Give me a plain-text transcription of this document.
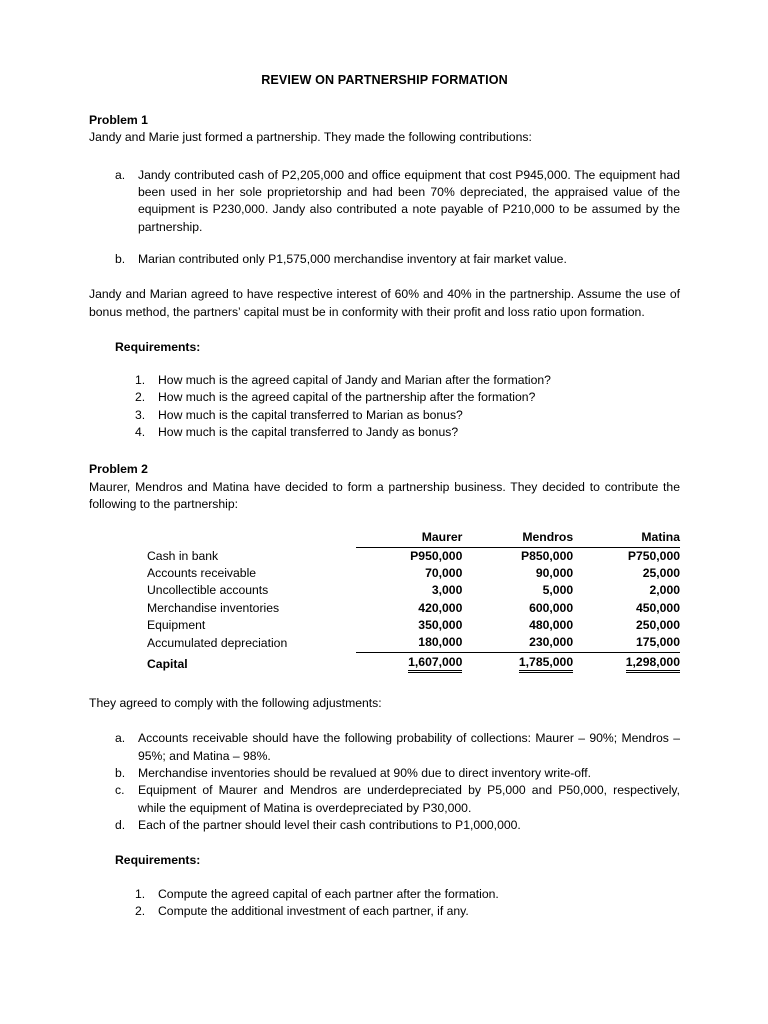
REVIEW ON PARTNERSHIP FORMATION
Problem 1

Jandy and Marie just formed a partnership. They made the following contributions:

a.	Jandy contributed cash of P2,205,000 and office equipment that cost P945,000. The equipment had been used in her sole proprietorship and had been 70% depreciated, the appraised value of the equipment is P230,000. Jandy also contributed a note payable of P210,000 to be assumed by the partnership.
b.	Marian contributed only P1,575,000 merchandise inventory at fair market value.

Jandy and Marian agreed to have respective interest of 60% and 40% in the partnership. Assume the use of bonus method, the partners’ capital must be in conformity with their profit and loss ratio upon formation.

Requirements:
1.	How much is the agreed capital of Jandy and Marian after the formation?
2.	How much is the agreed capital of the partnership after the formation?
3.	How much is the capital transferred to Marian as bonus?
4.	How much is the capital transferred to Jandy as bonus?
Problem 2

Maurer, Mendros and Matina have decided to form a partnership business. They decided to contribute the following to the partnership:

	Maurer	Mendros	Matina
Cash in bank	P950,000	P850,000	P750,000
Accounts receivable	70,000	90,000	25,000
Uncollectible accounts	3,000	5,000	2,000
Merchandise inventories	420,000	600,000	450,000
Equipment	350,000	480,000	250,000
Accumulated depreciation	180,000	230,000	175,000
Capital	1,607,000	1,785,000	1,298,000

They agreed to comply with the following adjustments:

a.	Accounts receivable should have the following probability of collections: Maurer – 90%; Mendros – 95%; and Matina – 98%.
b.	Merchandise inventories should be revalued at 90% due to direct inventory write-off.
c.	Equipment of Maurer and Mendros are underdepreciated by P5,000 and P50,000, respectively, while the equipment of Matina is overdepreciated by P30,000.
d.	Each of the partner should level their cash contributions to P1,000,000.
Requirements:
1.	Compute the agreed capital of each partner after the formation.
2.	Compute the additional investment of each partner, if any.
